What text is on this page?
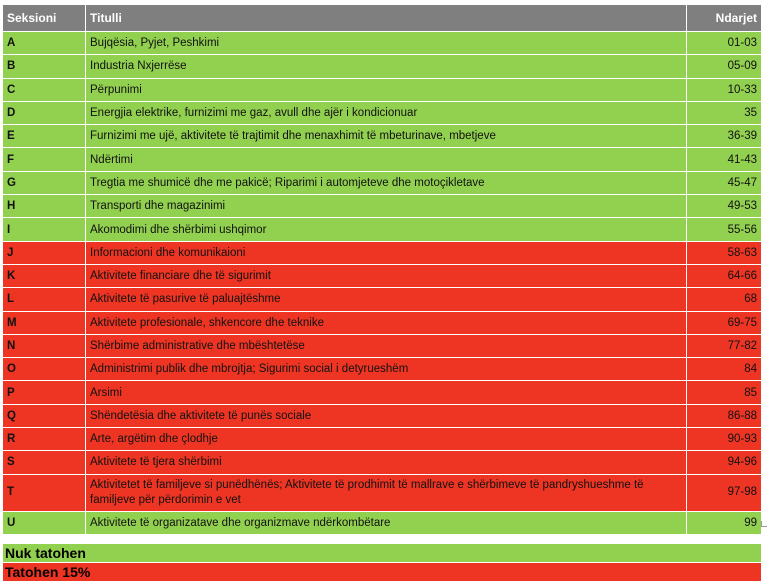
Seksioni	Titulli	Ndarjet
A	Bujqësia, Pyjet, Peshkimi	01-03
B	Industria Nxjerrëse	05-09
C	Përpunimi	10-33
D	Energjia elektrike, furnizimi me gaz, avull dhe ajër i kondicionuar	35
E	Furnizimi me ujë, aktivitete të trajtimit dhe menaxhimit të mbeturinave, mbetjeve	36-39
F	Ndërtimi	41-43
G	Tregtia me shumicë dhe me pakicë; Riparimi i automjeteve dhe motoçikletave	45-47
H	Transporti dhe magazinimi	49-53
I	Akomodimi dhe shërbimi ushqimor	55-56
J	Informacioni dhe komunikaioni	58-63
K	Aktivitete financiare dhe të sigurimit	64-66
L	Aktivitete të pasurive të paluajtëshme	68
M	Aktivitete profesionale, shkencore dhe teknike	69-75
N	Shërbime administrative dhe mbështetëse	77-82
O	Administrimi publik dhe mbrojtja; Sigurimi social i detyrueshëm	84
P	Arsimi	85
Q	Shëndetësia dhe aktivitete të punës sociale	86-88
R	Arte, argëtim dhe çlodhje	90-93
S	Aktivitete të tjera shërbimi	94-96
T	Aktivitetet të familjeve si punëdhënës; Aktivitete të prodhimit të mallrave e shërbimeve të pandryshueshme të familjeve për përdorimin e vet	97-98
U	Aktivitete të organizatave dhe organizmave ndërkombëtare	99
Nuk tatohen
Tatohen 15%
